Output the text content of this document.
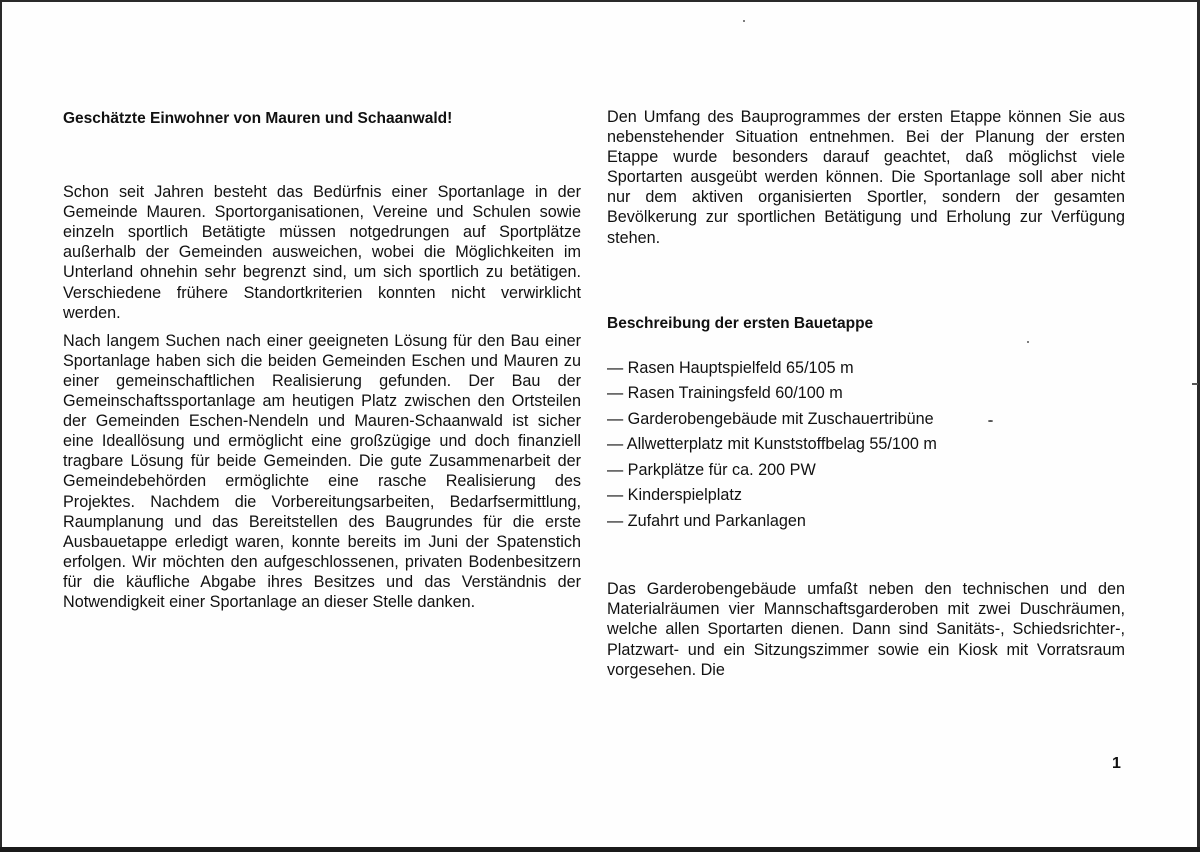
Geschätzte Einwohner von Mauren und Schaanwald!

Schon seit Jahren besteht das Bedürfnis einer Sportanlage in der Gemeinde Mauren. Sportorganisationen, Vereine und Schulen sowie einzeln sportlich Betätigte müssen notgedrungen auf Sportplätze außerhalb der Gemeinden ausweichen, wobei die Möglichkeiten im Unterland ohnehin sehr begrenzt sind, um sich sportlich zu betätigen. Verschiedene frühere Standortkriterien konnten nicht verwirklicht werden.

Nach langem Suchen nach einer geeigneten Lösung für den Bau einer Sportanlage haben sich die beiden Gemeinden Eschen und Mauren zu einer gemeinschaftlichen Realisierung gefunden. Der Bau der Gemeinschaftssportanlage am heutigen Platz zwischen den Ortsteilen der Gemeinden Eschen-Nendeln und Mauren-Schaanwald ist sicher eine Ideallösung und ermöglicht eine großzügige und doch finanziell tragbare Lösung für beide Gemeinden. Die gute Zusammenarbeit der Gemeindebehörden ermöglichte eine rasche Realisierung des Projektes. Nachdem die Vorbereitungsarbeiten, Bedarfsermittlung, Raumplanung und das Bereitstellen des Baugrundes für die erste Ausbauetappe erledigt waren, konnte bereits im Juni der Spatenstich erfolgen. Wir möchten den aufgeschlossenen, privaten Bodenbesitzern für die käufliche Abgabe ihres Besitzes und das Verständnis der Notwendigkeit einer Sportanlage an dieser Stelle danken.

Den Umfang des Bauprogrammes der ersten Etappe können Sie aus nebenstehender Situation entnehmen. Bei der Planung der ersten Etappe wurde besonders darauf geachtet, daß möglichst viele Sportarten ausgeübt werden können. Die Sportanlage soll aber nicht nur dem aktiven organisierten Sportler, sondern der gesamten Bevölkerung zur sportlichen Betätigung und Erholung zur Verfügung stehen.

Beschreibung der ersten Bauetappe

— Rasen Hauptspielfeld 65/105 m
— Rasen Trainingsfeld 60/100 m
— Garderobengebäude mit Zuschauertribüne
— Allwetterplatz mit Kunststoffbelag 55/100 m
— Parkplätze für ca. 200 PW
— Kinderspielplatz
— Zufahrt und Parkanlagen

Das Garderobengebäude umfaßt neben den technischen und den Materialräumen vier Mannschaftsgarderoben mit zwei Duschräumen, welche allen Sportarten dienen. Dann sind Sanitäts-, Schiedsrichter-, Platzwart- und ein Sitzungszimmer sowie ein Kiosk mit Vorratsraum vorgesehen. Die

1
